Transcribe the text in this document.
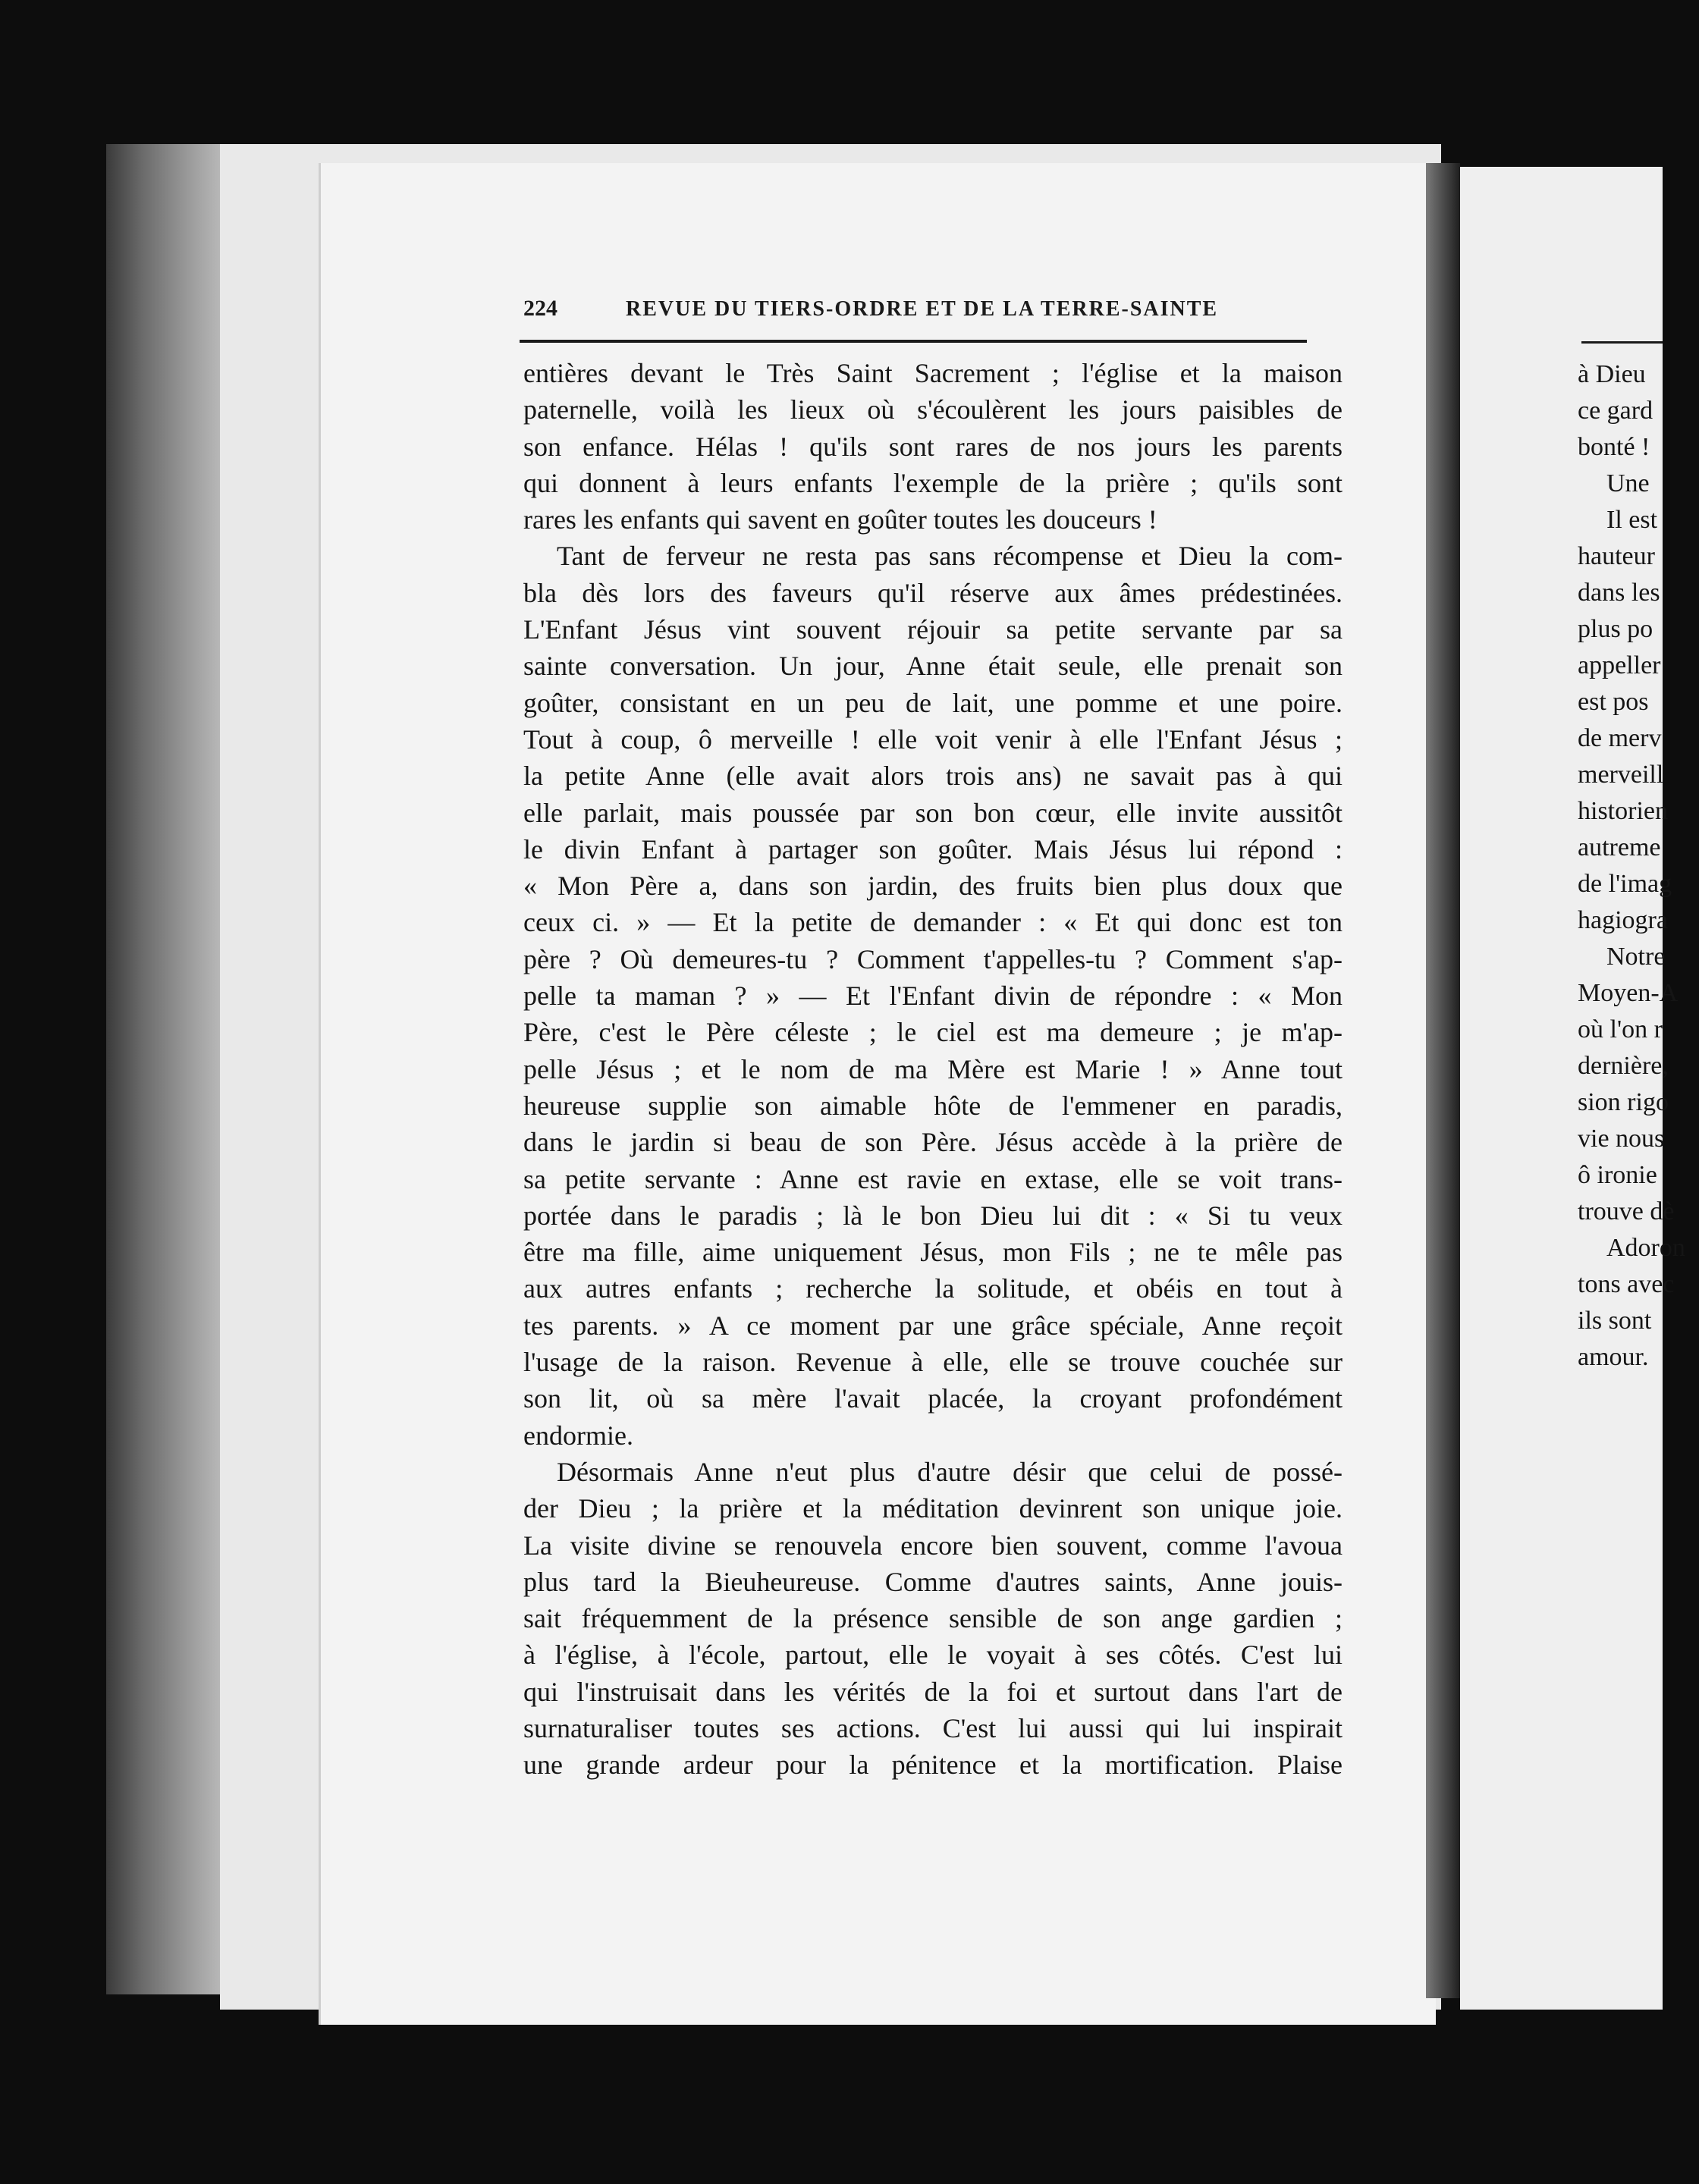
224	REVUE DU TIERS-ORDRE ET DE LA TERRE-SAINTE
entières devant le Très Saint Sacrement ; l'église et la maison
paternelle, voilà les lieux où s'écoulèrent les jours paisibles de
son enfance. Hélas ! qu'ils sont rares de nos jours les parents
qui donnent à leurs enfants l'exemple de la prière ; qu'ils sont
rares les enfants qui savent en goûter toutes les douceurs !
Tant de ferveur ne resta pas sans récompense et Dieu la com-
bla dès lors des faveurs qu'il réserve aux âmes prédestinées.
L'Enfant Jésus vint souvent réjouir sa petite servante par sa
sainte conversation. Un jour, Anne était seule, elle prenait son
goûter, consistant en un peu de lait, une pomme et une poire.
Tout à coup, ô merveille ! elle voit venir à elle l'Enfant Jésus ;
la petite Anne (elle avait alors trois ans) ne savait pas à qui
elle parlait, mais poussée par son bon cœur, elle invite aussitôt
le divin Enfant à partager son goûter. Mais Jésus lui répond :
« Mon Père a, dans son jardin, des fruits bien plus doux que
ceux ci. » — Et la petite de demander : « Et qui donc est ton
père ? Où demeures-tu ? Comment t'appelles-tu ? Comment s'ap-
pelle ta maman ? » — Et l'Enfant divin de répondre : « Mon
Père, c'est le Père céleste ; le ciel est ma demeure ; je m'ap-
pelle Jésus ; et le nom de ma Mère est Marie ! » Anne tout
heureuse supplie son aimable hôte de l'emmener en paradis,
dans le jardin si beau de son Père. Jésus accède à la prière de
sa petite servante : Anne est ravie en extase, elle se voit trans-
portée dans le paradis ; là le bon Dieu lui dit : « Si tu veux
être ma fille, aime uniquement Jésus, mon Fils ; ne te mêle pas
aux autres enfants ; recherche la solitude, et obéis en tout à
tes parents. » A ce moment par une grâce spéciale, Anne reçoit
l'usage de la raison. Revenue à elle, elle se trouve couchée sur
son lit, où sa mère l'avait placée, la croyant profondément
endormie.
Désormais Anne n'eut plus d'autre désir que celui de possé-
der Dieu ; la prière et la méditation devinrent son unique joie.
La visite divine se renouvela encore bien souvent, comme l'avoua
plus tard la Bieuheureuse. Comme d'autres saints, Anne jouis-
sait fréquemment de la présence sensible de son ange gardien ;
à l'église, à l'école, partout, elle le voyait à ses côtés. C'est lui
qui l'instruisait dans les vérités de la foi et surtout dans l'art de
surnaturaliser toutes ses actions. C'est lui aussi qui lui inspirait
une grande ardeur pour la pénitence et la mortification. Plaise
à Dieu
ce gard
bonté !
Une
Il est
hauteur
dans les
plus po
appeller
est pos
de merv
merveill
historien
autreme
de l'imag
hagiogra
Notre
Moyen-A
où l'on r
dernière,
sion rigo
vie nous
ô ironie
trouve dè
Adoron
tons avec
ils sont
amour.
